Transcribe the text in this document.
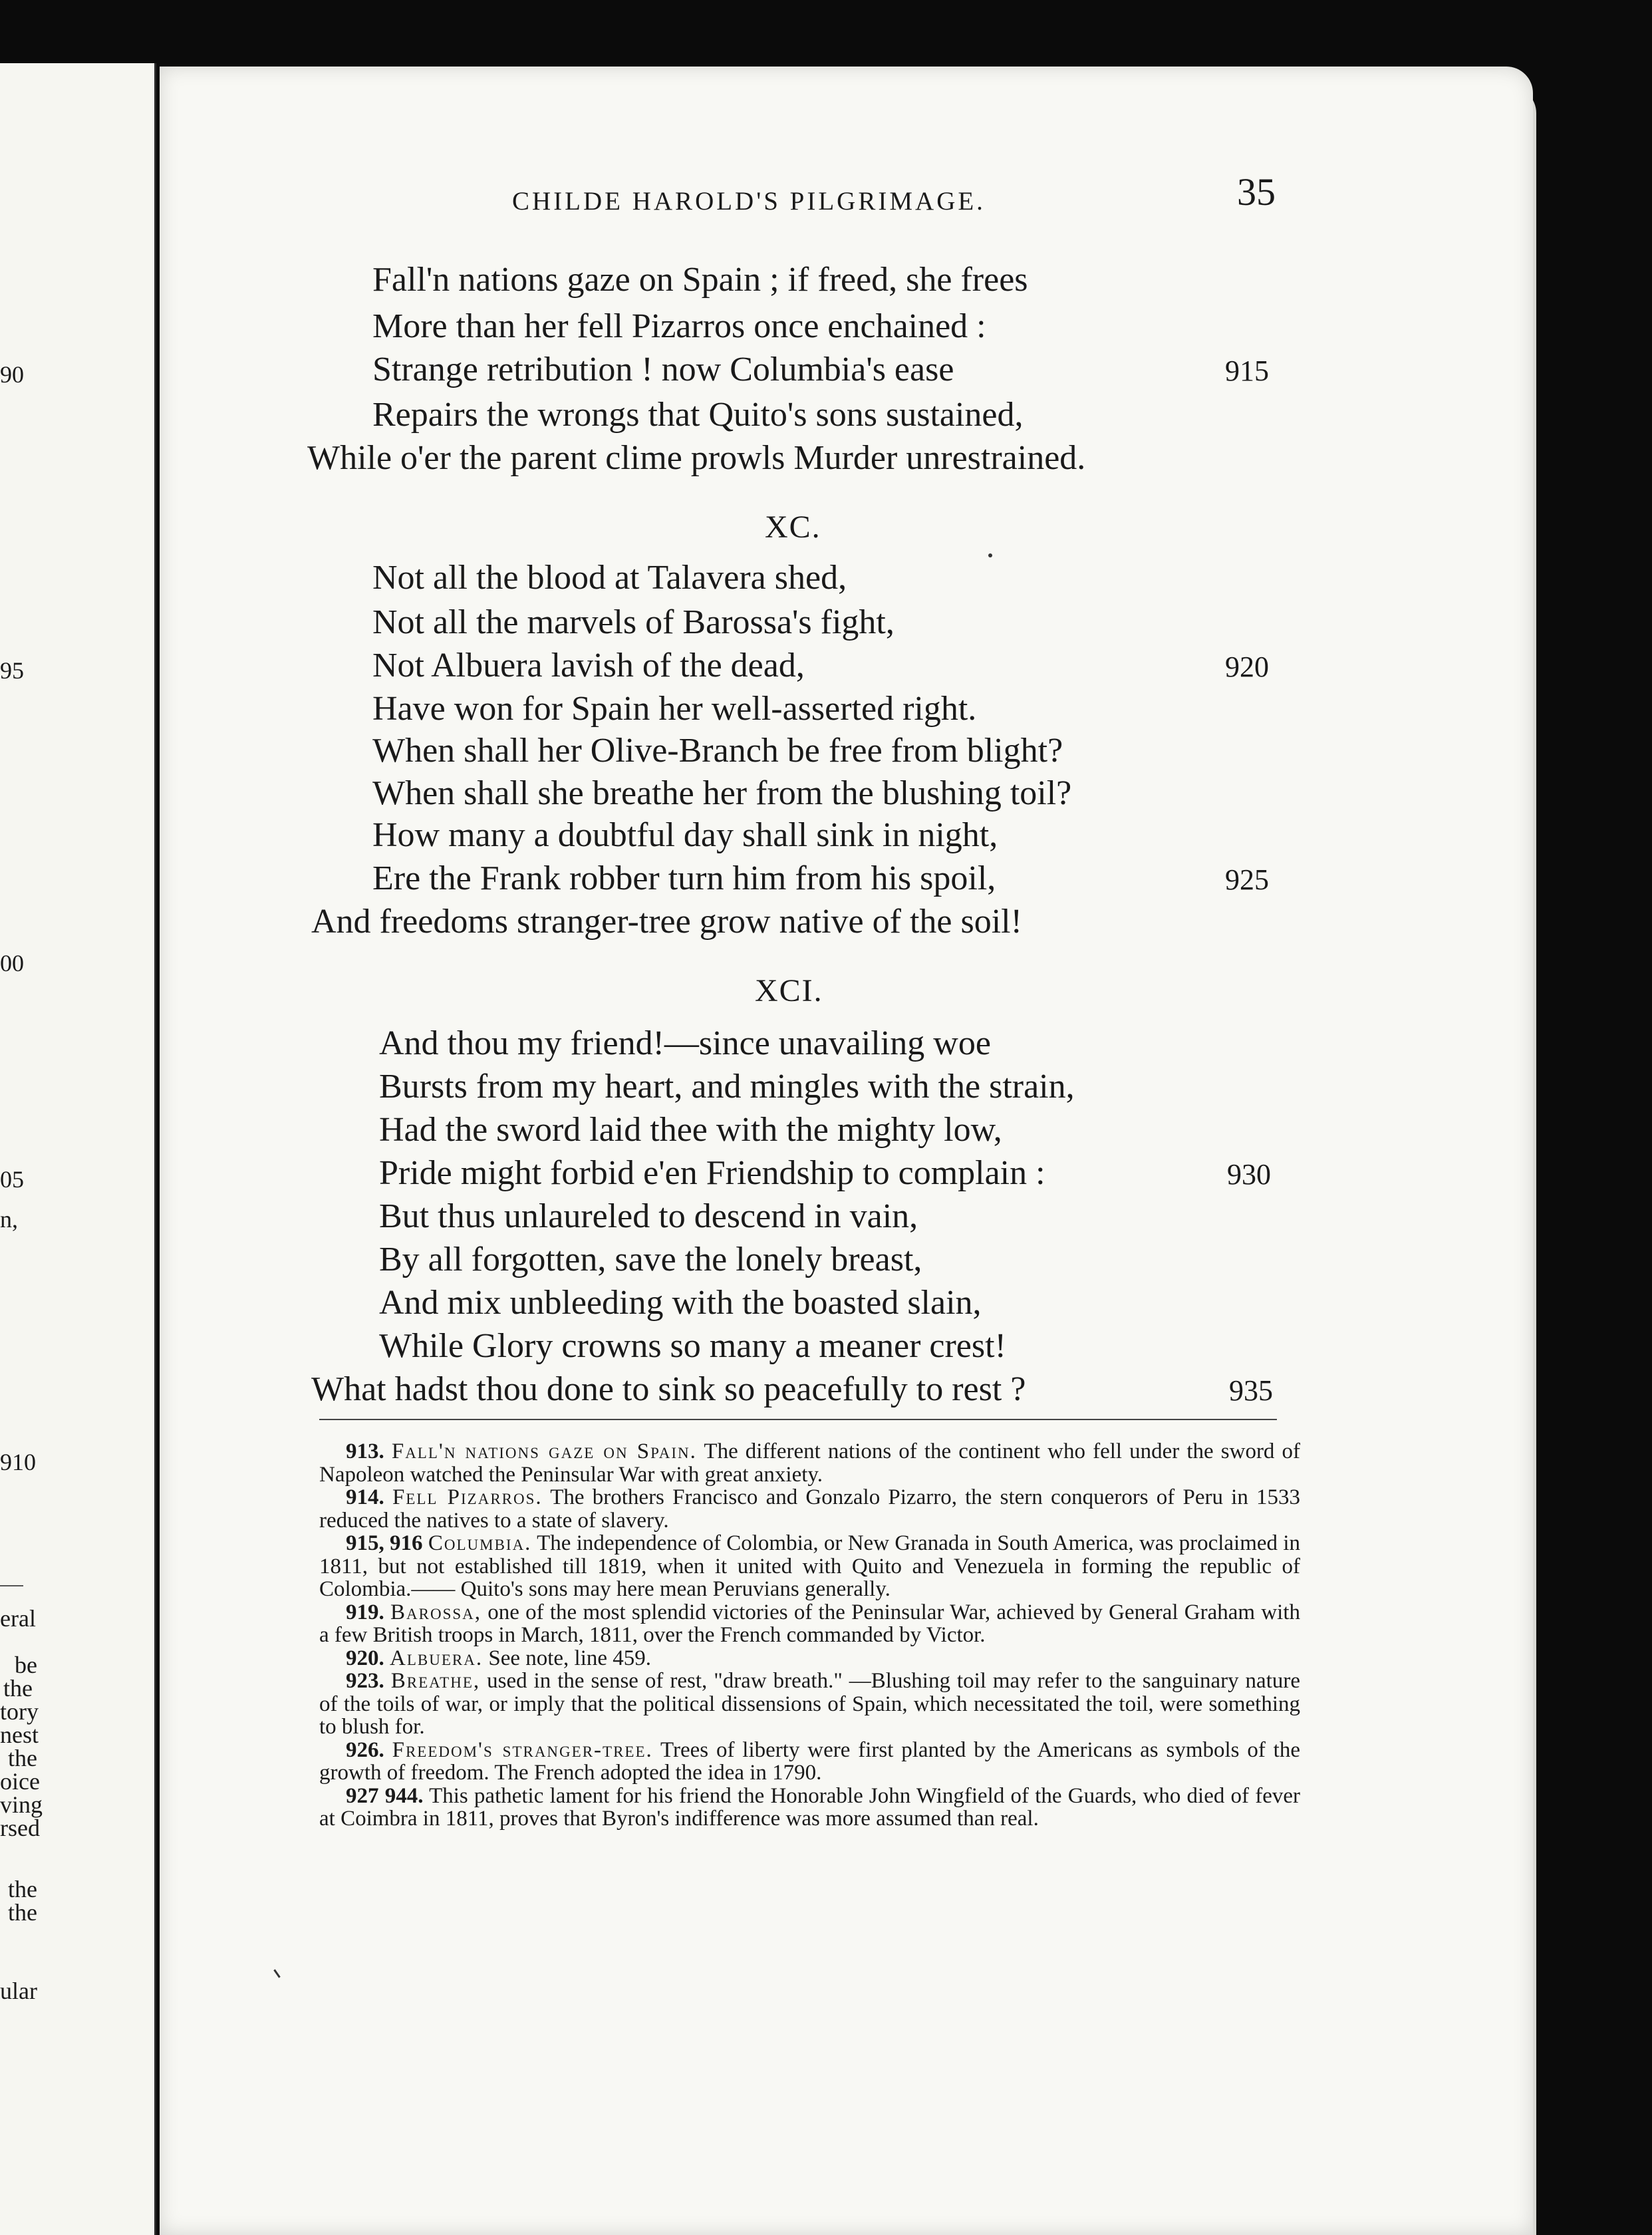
90
95
00
05
n,
910
eral
be
the
tory
nest
the
oice
ving
rsed
the
the
ular
CHILDE HAROLD'S PILGRIMAGE.	35
Fall'n nations gaze on Spain ; if freed, she frees
More than her fell Pizarros once enchained :
Strange retribution ! now Columbia's ease	915
Repairs the wrongs that Quito's sons sustained,
While o'er the parent clime prowls Murder unrestrained.
XC.
Not all the blood at Talavera shed,
Not all the marvels of Barossa's fight,
Not Albuera lavish of the dead,	920
Have won for Spain her well-asserted right.
When shall her Olive-Branch be free from blight?
When shall she breathe her from the blushing toil?
How many a doubtful day shall sink in night,
Ere the Frank robber turn him from his spoil,	925
And freedoms stranger-tree grow native of the soil!
XCI.
And thou my friend!—since unavailing woe
Bursts from my heart, and mingles with the strain,
Had the sword laid thee with the mighty low,
Pride might forbid e'en Friendship to complain :	930
But thus unlaureled to descend in vain,
By all forgotten, save the lonely breast,
And mix unbleeding with the boasted slain,
While Glory crowns so many a meaner crest!
What hadst thou done to sink so peacefully to rest ?	935

913. Fall'n nations gaze on Spain. The different nations of the continent who fell under the sword of Napoleon watched the Peninsular War with great anxiety.

914. Fell Pizarros. The brothers Francisco and Gonzalo Pizarro, the stern conquerors of Peru in 1533 reduced the natives to a state of slavery.

915, 916 Columbia. The independence of Colombia, or New Granada in South America, was proclaimed in 1811, but not established till 1819, when it united with Quito and Venezuela in forming the republic of Colombia.—— Quito's sons may here mean Peruvians generally.

919. Barossa, one of the most splendid victories of the Peninsular War, achieved by General Graham with a few British troops in March, 1811, over the French commanded by Victor.

920. Albuera. See note, line 459.

923. Breathe, used in the sense of rest, "draw breath." —Blushing toil may refer to the sanguinary nature of the toils of war, or imply that the political dissensions of Spain, which necessitated the toil, were something to blush for.

926. Freedom's stranger-tree. Trees of liberty were first planted by the Americans as symbols of the growth of freedom. The French adopted the idea in 1790.

927 944. This pathetic lament for his friend the Honorable John Wingfield of the Guards, who died of fever at Coimbra in 1811, proves that Byron's indifference was more assumed than real.
